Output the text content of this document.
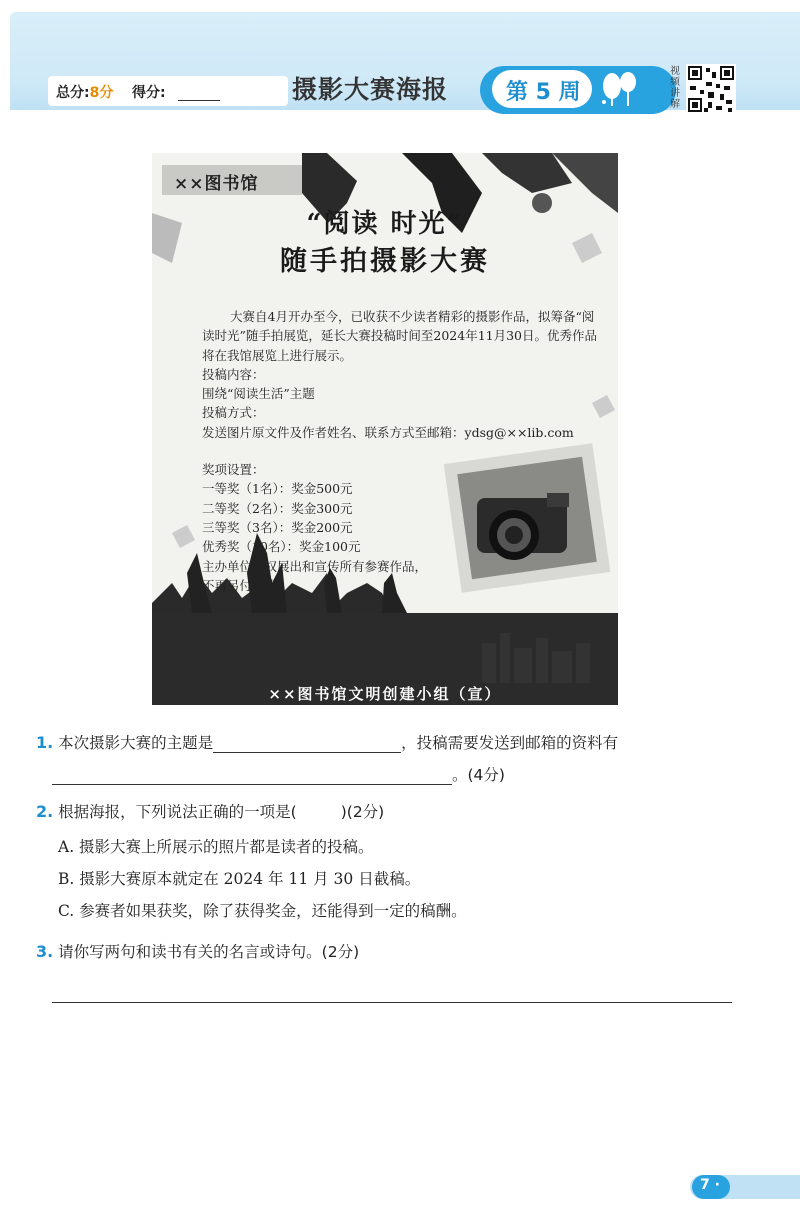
总分:8分 得分:	摄影大赛海报	第 5 周
视频讲解
××图书馆
“阅读 时光”
随手拍摄影大赛
大赛自4月开办至今，已收获不少读者精彩的摄影作品，拟筹备“阅读时光”随手拍展览，延长大赛投稿时间至2024年11月30日。优秀作品将在我馆展览上进行展示。
投稿内容：
围绕“阅读生活”主题
投稿方式：
发送图片原文件及作者姓名、联系方式至邮箱：ydsg@××lib.com
奖项设置：
一等奖（1名）：奖金500元
二等奖（2名）：奖金300元
三等奖（3名）：奖金200元
优秀奖（10名）：奖金100元
主办单位有权展出和宣传所有参赛作品，
不再另付稿酬。
××图书馆文明创建小组（宣）
1. 本次摄影大赛的主题是	，投稿需要发送到邮箱的资料有
。(4分)
2. 根据海报，下列说法正确的一项是(	)(2分)
A. 摄影大赛上所展示的照片都是读者的投稿。
B. 摄影大赛原本就定在 2024 年 11 月 30 日截稿。
C. 参赛者如果获奖，除了获得奖金，还能得到一定的稿酬。
3. 请你写两句和读书有关的名言或诗句。(2分)
7 ·
